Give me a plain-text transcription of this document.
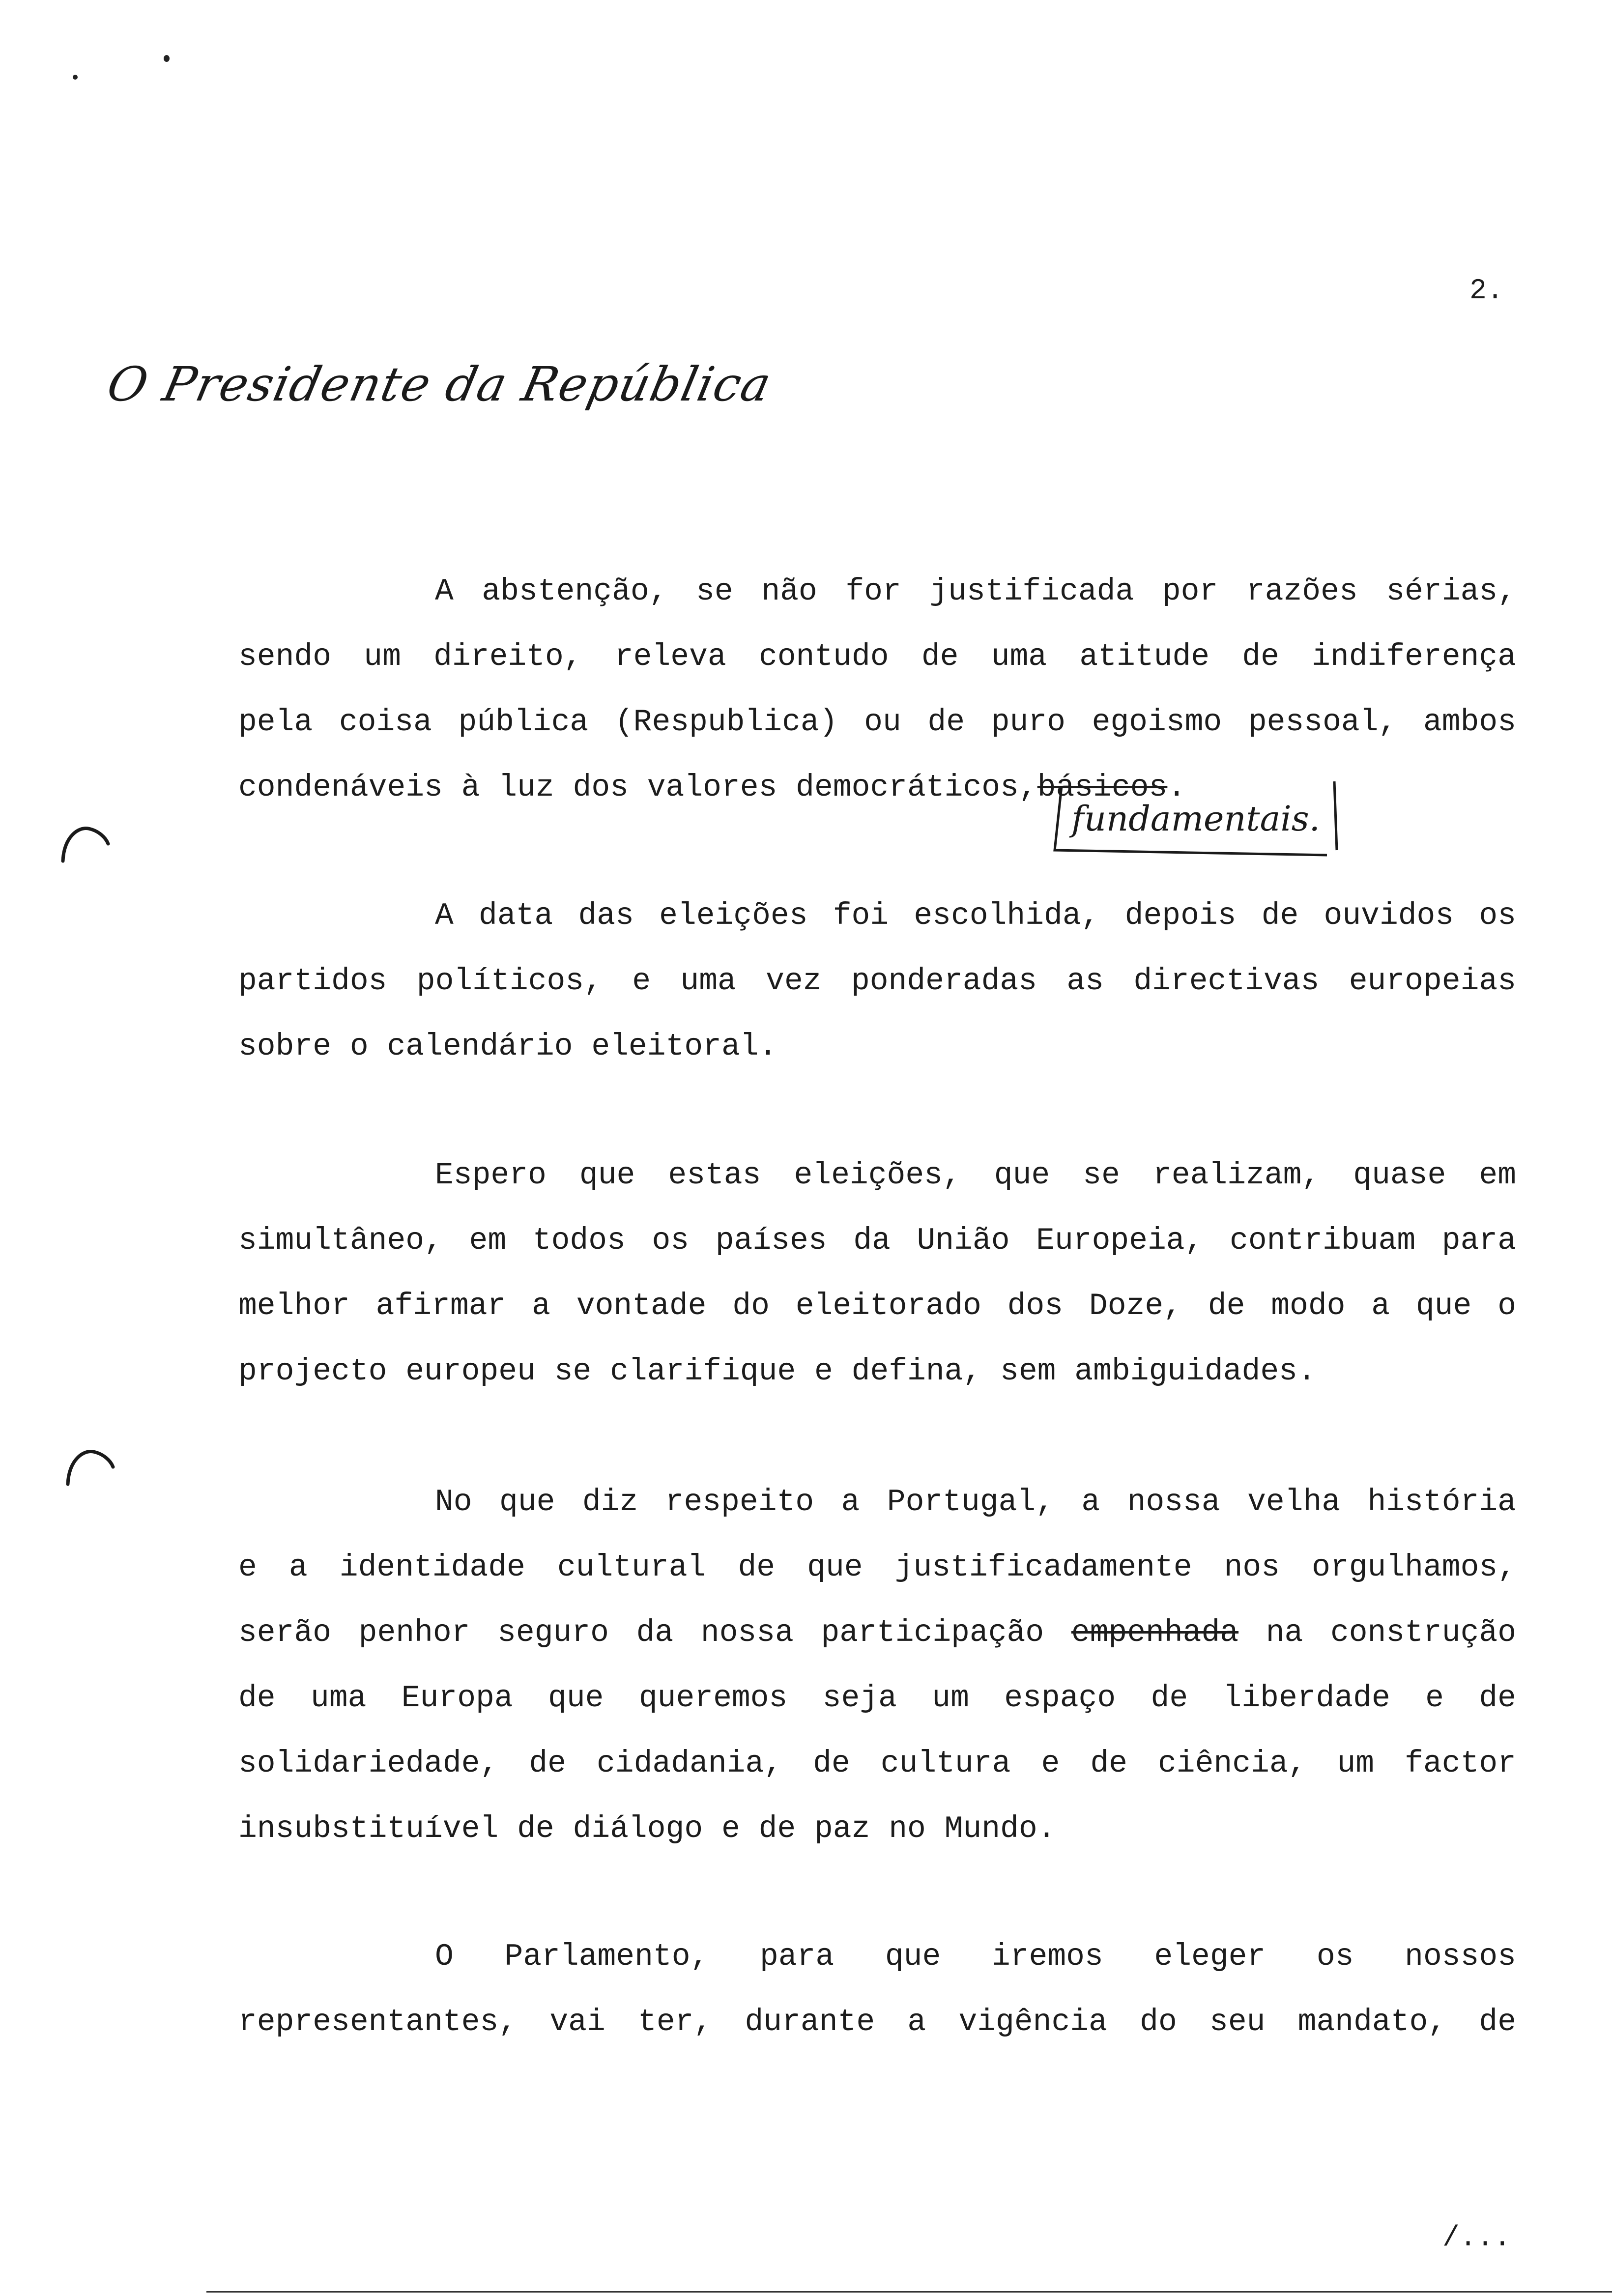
2.
O Presidente da República
A abstenção, se não for justificada por razões sérias,
sendo um direito, releva contudo de uma atitude de indiferença
pela coisa pública (Respublica) ou de puro egoismo pessoal, ambos
condenáveis à luz dos valores democráticos,básicos.
fundamentais.
A data das eleições foi escolhida, depois de ouvidos os
partidos políticos, e uma vez ponderadas as directivas europeias
sobre o calendário eleitoral.
Espero que estas eleições, que se realizam, quase em
simultâneo, em todos os países da União Europeia, contribuam para
melhor afirmar a vontade do eleitorado dos Doze, de modo a que o
projecto europeu se clarifique e defina, sem ambiguidades.
No que diz respeito a Portugal, a nossa velha história
e a identidade cultural de que justificadamente nos orgulhamos,
serão penhor seguro da nossa participação empenhada na construção
de uma Europa que queremos seja um espaço de liberdade e de
solidariedade, de cidadania, de cultura e de ciência, um factor
insubstituível de diálogo e de paz no Mundo.
O Parlamento, para que iremos eleger os nossos
representantes, vai ter, durante a vigência do seu mandato, de
/...
